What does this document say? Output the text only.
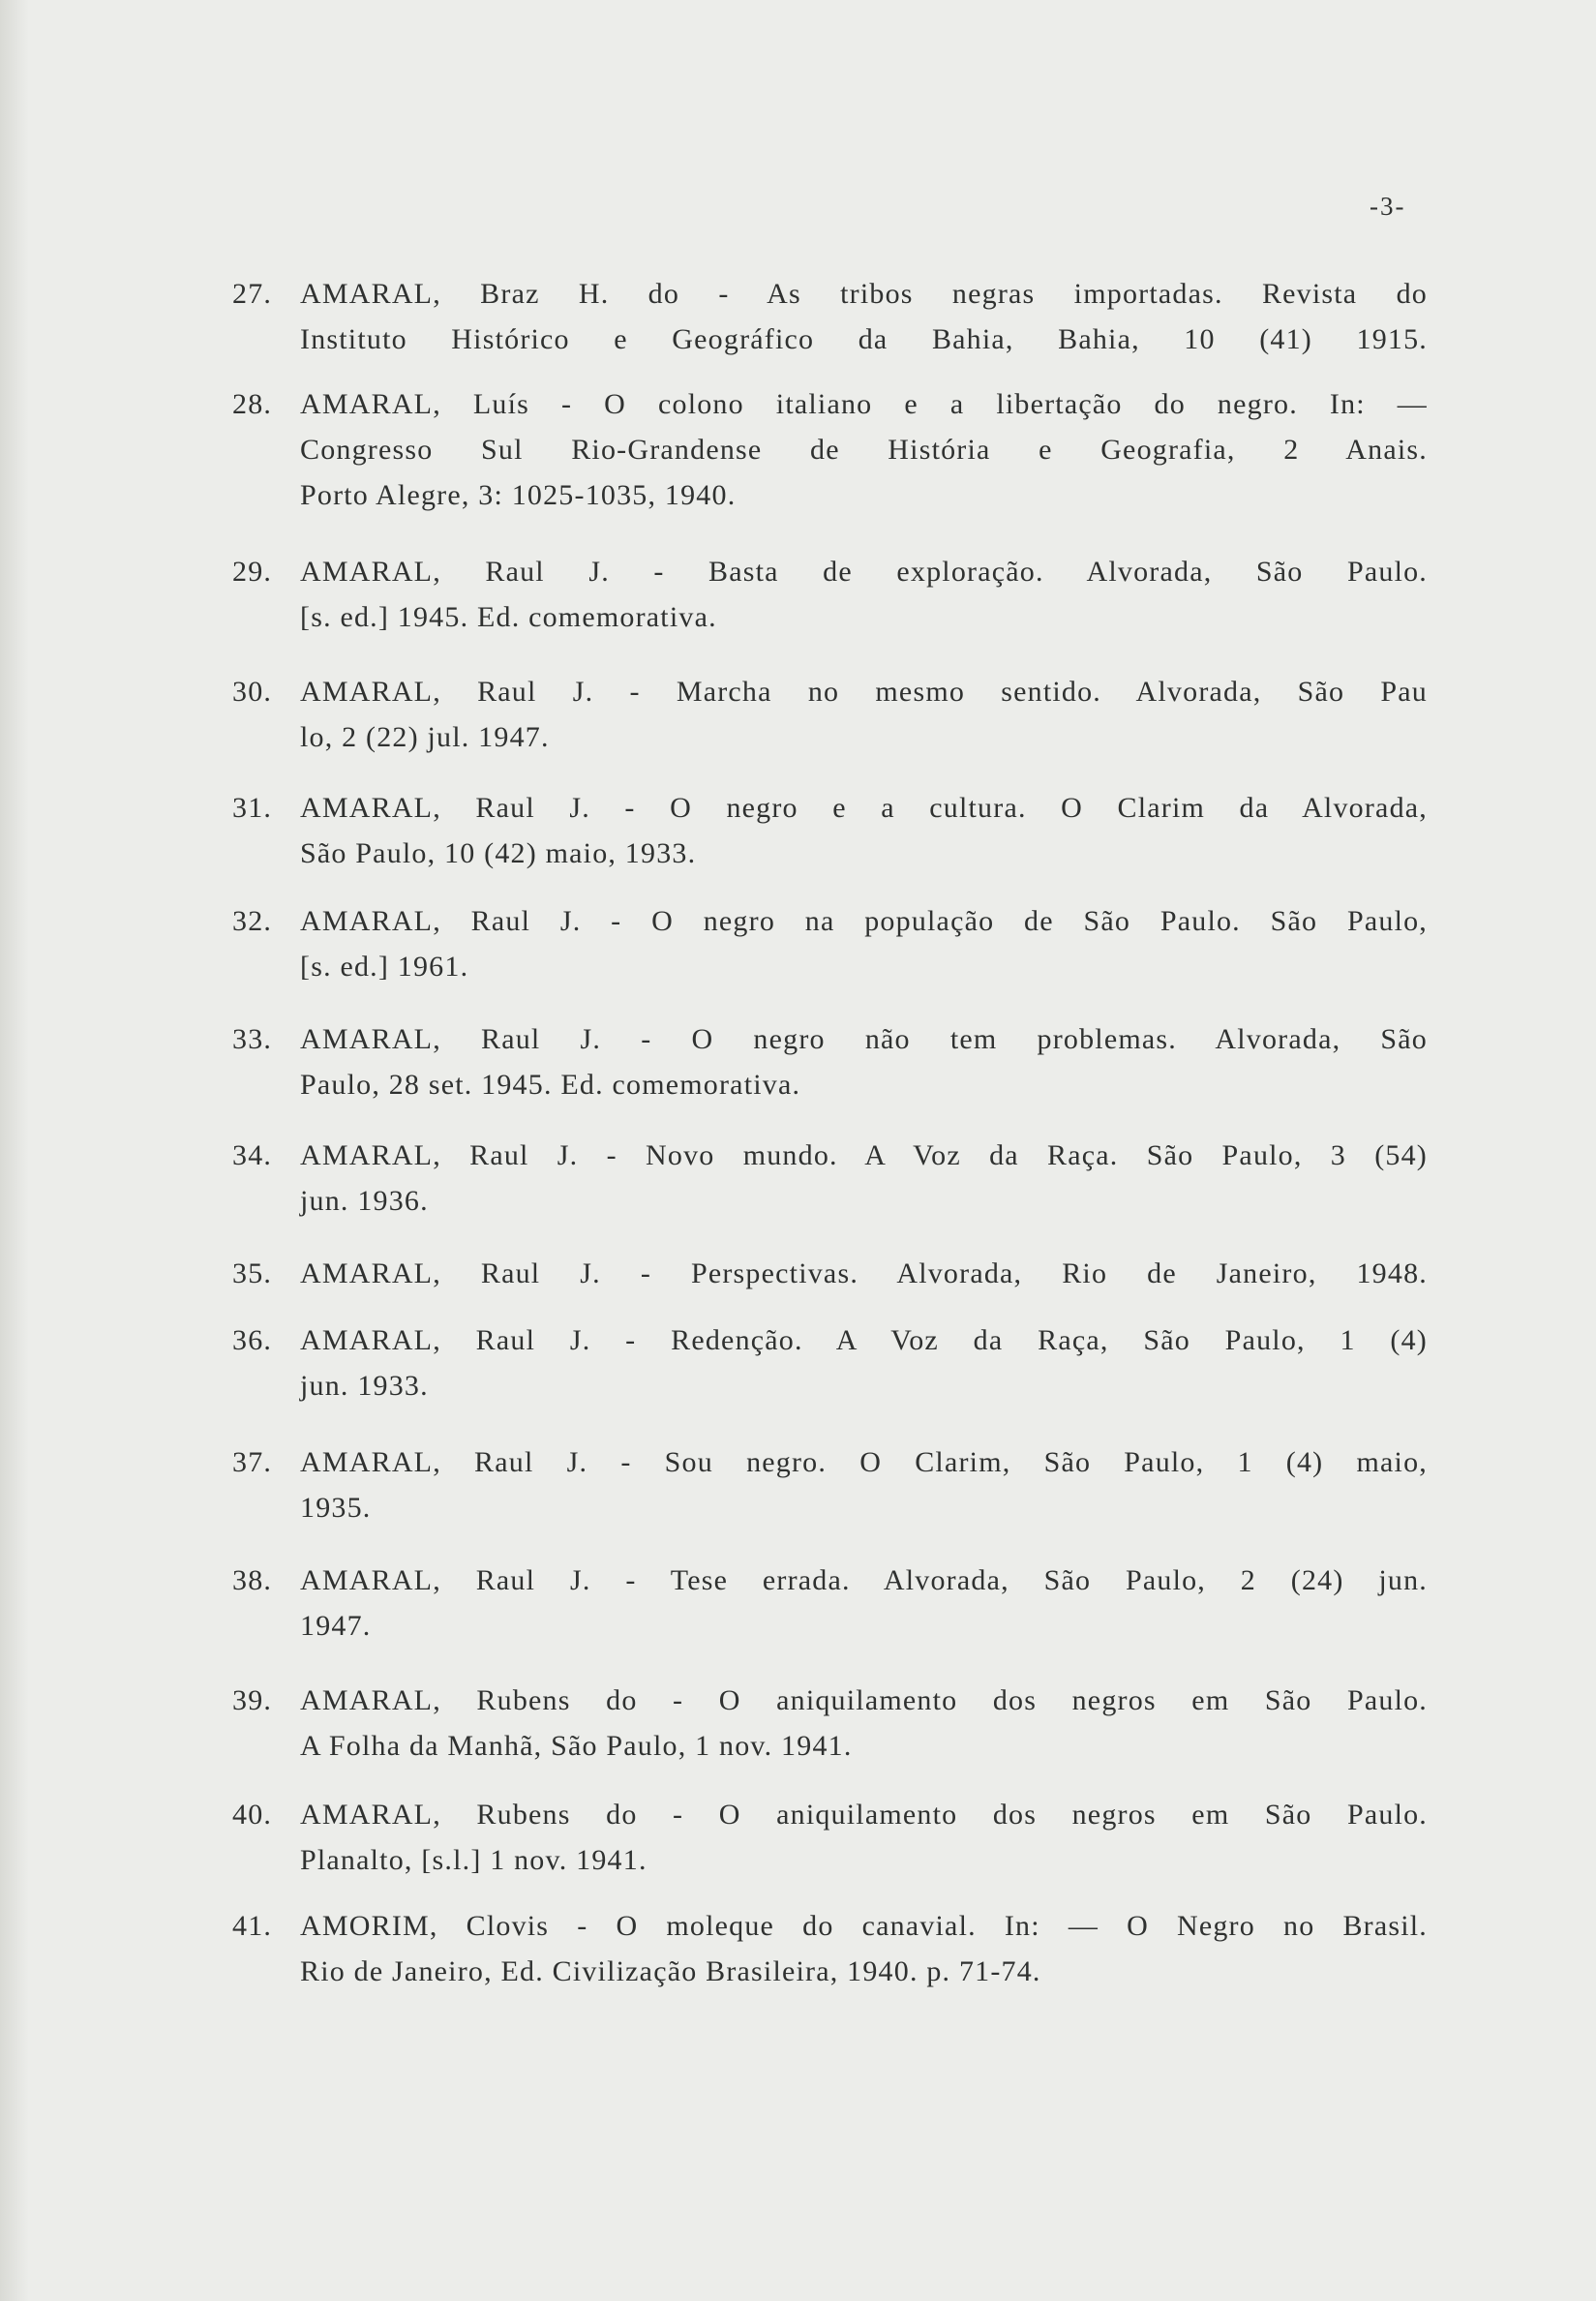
-3-
27. AMARAL, Braz H. do - As tribos negras importadas. Revista do
Instituto Histórico e Geográfico da Bahia, Bahia, 10 (41) 1915.
28. AMARAL, Luís - O colono italiano e a libertação do negro. In: —
Congresso Sul Rio-Grandense de História e Geografia, 2 Anais.
Porto Alegre, 3: 1025-1035, 1940.
29. AMARAL, Raul J. - Basta de exploração. Alvorada, São Paulo.
[s. ed.] 1945. Ed. comemorativa.
30. AMARAL, Raul J. - Marcha no mesmo sentido. Alvorada, São Pau
lo, 2 (22) jul. 1947.
31. AMARAL, Raul J. - O negro e a cultura. O Clarim da Alvorada,
São Paulo, 10 (42) maio, 1933.
32. AMARAL, Raul J. - O negro na população de São Paulo. São Paulo,
[s. ed.] 1961.
33. AMARAL, Raul J. - O negro não tem problemas. Alvorada, São
Paulo, 28 set. 1945. Ed. comemorativa.
34. AMARAL, Raul J. - Novo mundo. A Voz da Raça. São Paulo, 3 (54)
jun. 1936.
35. AMARAL, Raul J. - Perspectivas. Alvorada, Rio de Janeiro, 1948.
36. AMARAL, Raul J. - Redenção. A Voz da Raça, São Paulo, 1 (4)
jun. 1933.
37. AMARAL, Raul J. - Sou negro. O Clarim, São Paulo, 1 (4) maio,
1935.
38. AMARAL, Raul J. - Tese errada. Alvorada, São Paulo, 2 (24) jun.
1947.
39. AMARAL, Rubens do - O aniquilamento dos negros em São Paulo.
A Folha da Manhã, São Paulo, 1 nov. 1941.
40. AMARAL, Rubens do - O aniquilamento dos negros em São Paulo.
Planalto, [s.l.] 1 nov. 1941.
41. AMORIM, Clovis - O moleque do canavial. In: — O Negro no Brasil.
Rio de Janeiro, Ed. Civilização Brasileira, 1940. p. 71-74.
